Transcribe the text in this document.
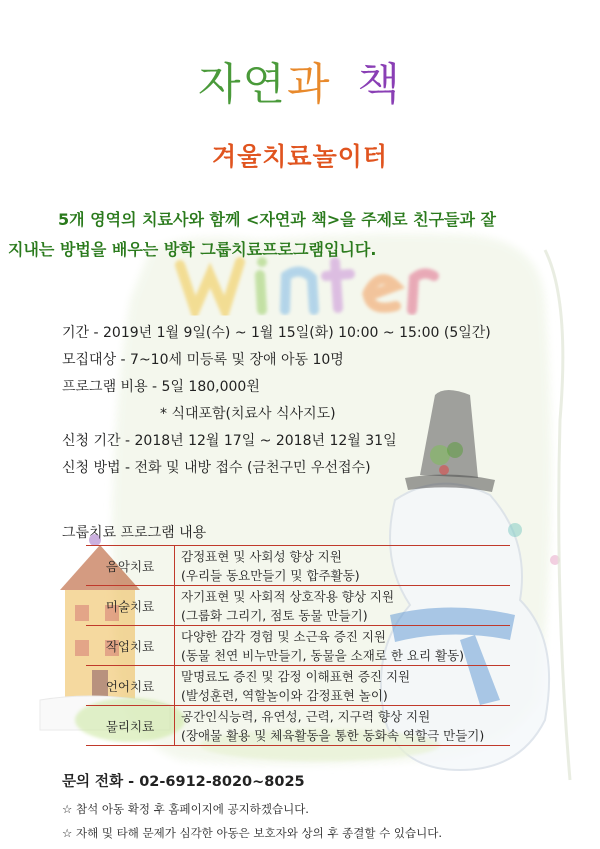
자연과 책
겨울치료놀이터
5개 영역의 치료사와 함께 <자연과 책>을 주제로 친구들과 잘
지내는 방법을 배우는 방학 그룹치료프로그램입니다.
기간 - 2019년 1월 9일(수) ~ 1월 15일(화) 10:00 ~ 15:00 (5일간)
모집대상 - 7~10세 미등록 및 장애 아동 10명
프로그램 비용 - 5일 180,000원
* 식대포함(치료사 식사지도)
신청 기간 - 2018년 12월 17일 ~ 2018년 12월 31일
신청 방법 - 전화 및 내방 접수 (금천구민 우선접수)
그룹치료 프로그램 내용
음악치료	감정표현 및 사회성 향상 지원
(우리들 동요만들기 및 합주활동)

미술치료	자기표현 및 사회적 상호작용 향상 지원
(그룹화 그리기, 점토 동물 만들기)

작업치료	다양한 감각 경험 및 소근육 증진 지원
(동물 천연 비누만들기, 동물을 소재로 한 요리 활동)

언어치료	말명료도 증진 및 감정 이해표현 증진 지원
(발성훈련, 역할놀이와 감정표현 놀이)

물리치료	공간인식능력, 유연성, 근력, 지구력 향상 지원
(장애물 활용 및 체육활동을 통한 동화속 역할극 만들기)
문의 전화 - 02-6912-8020~8025
☆ 참석 아동 확정 후 홈페이지에 공지하겠습니다.
☆ 자해 및 타해 문제가 심각한 아동은 보호자와 상의 후 종결할 수 있습니다.
